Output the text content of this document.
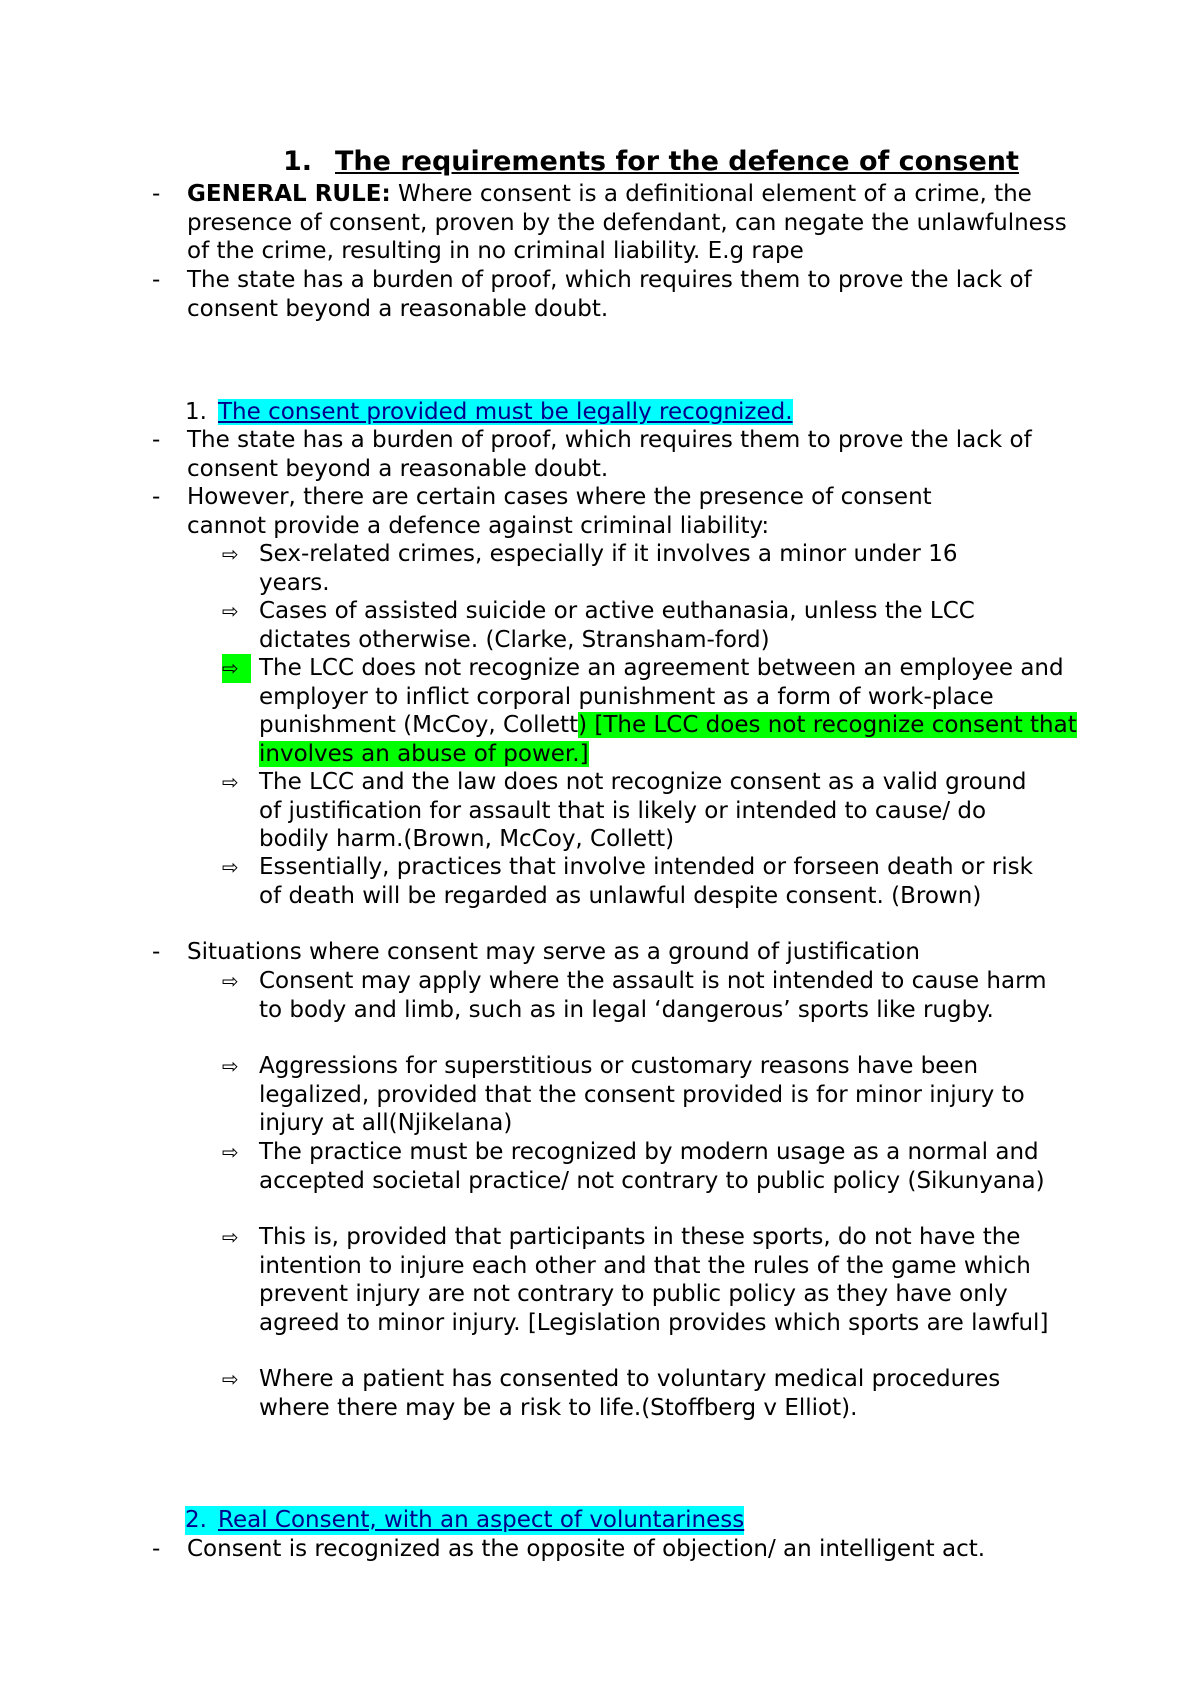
1. The requirements for the defence of consent
- GENERAL RULE: Where consent is a definitional element of a crime, the presence of consent, proven by the defendant, can negate the unlawfulness of the crime, resulting in no criminal liability. E.g rape
- The state has a burden of proof, which requires them to prove the lack of consent beyond a reasonable doubt.
1. The consent provided must be legally recognized.
- The state has a burden of proof, which requires them to prove the lack of consent beyond a reasonable doubt.
- However, there are certain cases where the presence of consent cannot provide a defence against criminal liability:
⇨ Sex-related crimes, especially if it involves a minor under 16 years.
⇨ Cases of assisted suicide or active euthanasia, unless the LCC dictates otherwise. (Clarke, Stransham-ford)
⇨ The LCC does not recognize an agreement between an employee and employer to inflict corporal punishment as a form of work-place punishment (McCoy, Collett) [The LCC does not recognize consent that involves an abuse of power.]
⇨ The LCC and the law does not recognize consent as a valid ground of justification for assault that is likely or intended to cause/ do bodily harm.(Brown, McCoy, Collett)
⇨ Essentially, practices that involve intended or forseen death or risk of death will be regarded as unlawful despite consent. (Brown)
- Situations where consent may serve as a ground of justification
⇨ Consent may apply where the assault is not intended to cause harm to body and limb, such as in legal ‘dangerous’ sports like rugby.
⇨ Aggressions for superstitious or customary reasons have been legalized, provided that the consent provided is for minor injury to injury at all(Njikelana)
⇨ The practice must be recognized by modern usage as a normal and accepted societal practice/ not contrary to public policy (Sikunyana)
⇨ This is, provided that participants in these sports, do not have the intention to injure each other and that the rules of the game which prevent injury are not contrary to public policy as they have only agreed to minor injury. [Legislation provides which sports are lawful]
⇨ Where a patient has consented to voluntary medical procedures where there may be a risk to life.(Stoffberg v Elliot).
2. Real Consent, with an aspect of voluntariness
- Consent is recognized as the opposite of objection/ an intelligent act.
